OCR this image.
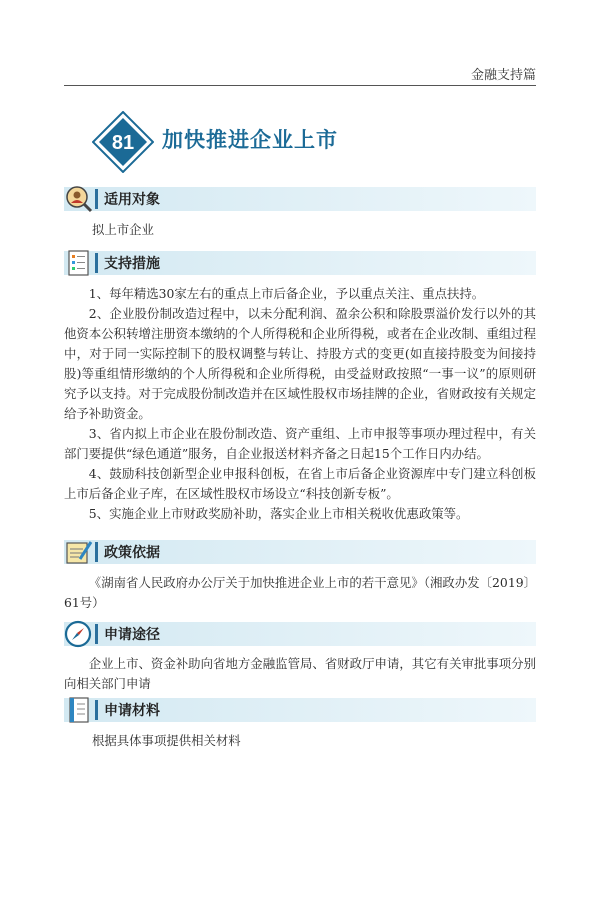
金融支持篇
81 加快推进企业上市
适用对象
拟上市企业
支持措施

1、每年精选30家左右的重点上市后备企业，予以重点关注、重点扶持。

2、企业股份制改造过程中，以未分配利润、盈余公积和除股票溢价发行以外的其他资本公积转增注册资本缴纳的个人所得税和企业所得税，或者在企业改制、重组过程中，对于同一实际控制下的股权调整与转让、持股方式的变更(如直接持股变为间接持股)等重组情形缴纳的个人所得税和企业所得税，由受益财政按照“一事一议”的原则研究予以支持。对于完成股份制改造并在区域性股权市场挂牌的企业，省财政按有关规定给予补助资金。

3、省内拟上市企业在股份制改造、资产重组、上市申报等事项办理过程中，有关部门要提供“绿色通道”服务，自企业报送材料齐备之日起15个工作日内办结。

4、鼓励科技创新型企业申报科创板，在省上市后备企业资源库中专门建立科创板上市后备企业子库，在区域性股权市场设立“科技创新专板”。

5、实施企业上市财政奖励补助，落实企业上市相关税收优惠政策等。

政策依据

《湖南省人民政府办公厅关于加快推进企业上市的若干意见》（湘政办发〔2019〕61号）

申请途径

企业上市、资金补助向省地方金融监管局、省财政厅申请，其它有关审批事项分别向相关部门申请

申请材料
根据具体事项提供相关材料
